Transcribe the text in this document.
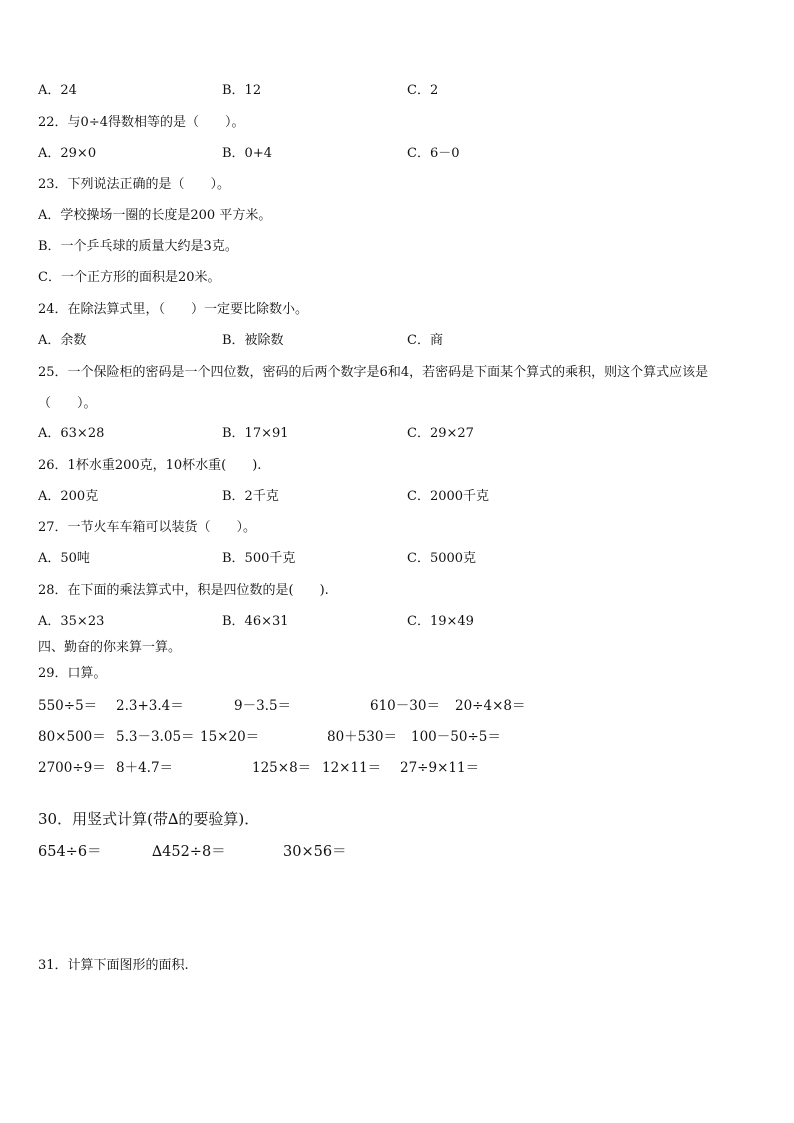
A．24	B．12	C．2
22．与0÷4得数相等的是（　　）。
A．29×0	B．0+4	C．6－0
23．下列说法正确的是（　　）。
A．学校操场一圈的长度是200 平方米。
B．一个乒乓球的质量大约是3克。
C．一个正方形的面积是20米。
24．在除法算式里，（　　）一定要比除数小。
A．余数	B．被除数	C．商
25．一个保险柜的密码是一个四位数，密码的后两个数字是6和4，若密码是下面某个算式的乘积，则这个算式应该是（　　）。
A．63×28	B．17×91	C．29×27
26．1杯水重200克，10杯水重(　　).
A．200克	B．2千克	C．2000千克
27．一节火车车箱可以装货（　　）。
A．50吨	B．500千克	C．5000克
28．在下面的乘法算式中，积是四位数的是(　　).
A．35×23	B．46×31	C．19×49
四、勤奋的你来算一算。
29．口算。
550÷5＝ 2.3+3.4＝	9－3.5＝	610－30＝ 20÷4×8＝
80×500＝ 5.3－3.05＝ 15×20＝	80＋530＝ 100－50÷5＝
2700÷9＝ 8＋4.7＝	125×8＝ 12×11＝ 27÷9×11＝
30．用竖式计算(带∆的要验算)．
654÷6＝	∆452÷8＝	30×56＝
31．计算下面图形的面积.
